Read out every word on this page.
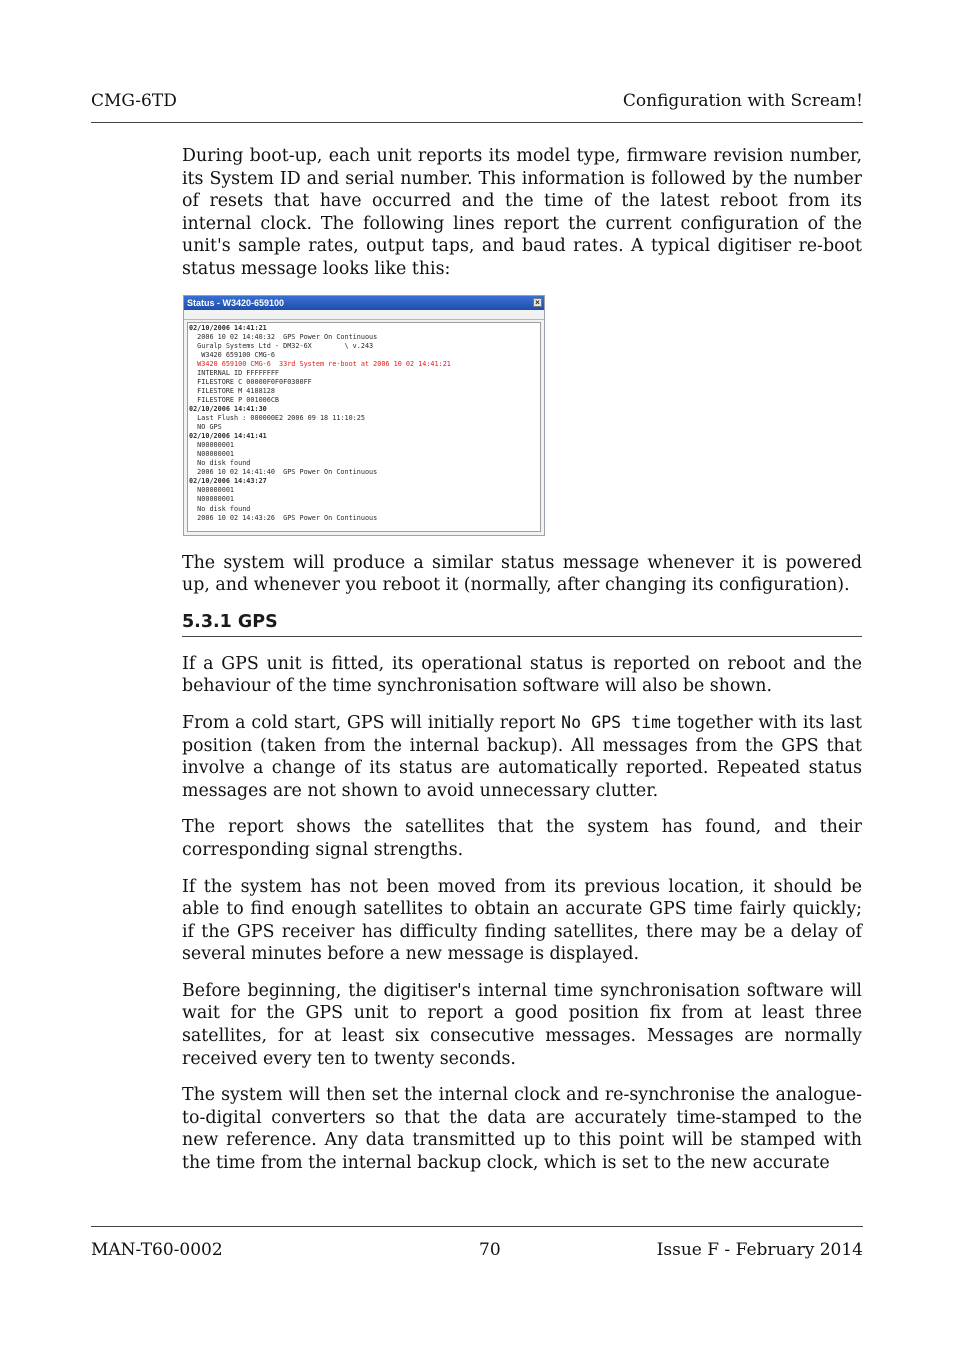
CMG-6TD	Configuration with Scream!

During boot-up, each unit reports its model type, firmware revision number, its System ID and serial number. This information is followed by the number of resets that have occurred and the time of the latest reboot from its internal clock. The following lines report the current configuration of the unit's sample rates, output taps, and baud rates. A typical digitiser re-boot status message looks like this:

Status - W3420-659100	×
02/10/2006 14:41:21
2006 10 02 14:40:32  GPS Power On Continuous
Guralp Systems Ltd - DM32-6X        \ v.243
W3420 659100 CMG-6
W3420 659100 CMG-6  33rd System re-boot at 2006 10 02 14:41:21
INTERNAL ID FFFFFFFF
FILESTORE C 00000F0F0F0300FF
FILESTORE M 4188128
FILESTORE P 001006CB
02/10/2006 14:41:30
Last Flush : 000000E2 2006 09 18 11:10:25
NO GPS
02/10/2006 14:41:41
N00000001
N00000001
No disk found
2006 10 02 14:41:40  GPS Power On Continuous
02/10/2006 14:43:27
N00000001
N00000001
No disk found
2006 10 02 14:43:26  GPS Power On Continuous

The system will produce a similar status message whenever it is powered up, and whenever you reboot it (normally, after changing its configuration).

5.3.1 GPS

If a GPS unit is fitted, its operational status is reported on reboot and the behaviour of the time synchronisation software will also be shown.

From a cold start, GPS will initially report No GPS time together with its last position (taken from the internal backup). All messages from the GPS that involve a change of its status are automatically reported. Repeated status messages are not shown to avoid unnecessary clutter.

The report shows the satellites that the system has found, and their corresponding signal strengths.

If the system has not been moved from its previous location, it should be able to find enough satellites to obtain an accurate GPS time fairly quickly; if the GPS receiver has difficulty finding satellites, there may be a delay of several minutes before a new message is displayed.

Before beginning, the digitiser's internal time synchronisation software will wait for the GPS unit to report a good position fix from at least three satellites, for at least six consecutive messages. Messages are normally received every ten to twenty seconds.

The system will then set the internal clock and re-synchronise the analogue-to-digital converters so that the data are accurately time-stamped to the new reference. Any data transmitted up to this point will be stamped with the time from the internal backup clock, which is set to the new accurate

MAN-T60-0002	70	Issue F - February 2014
